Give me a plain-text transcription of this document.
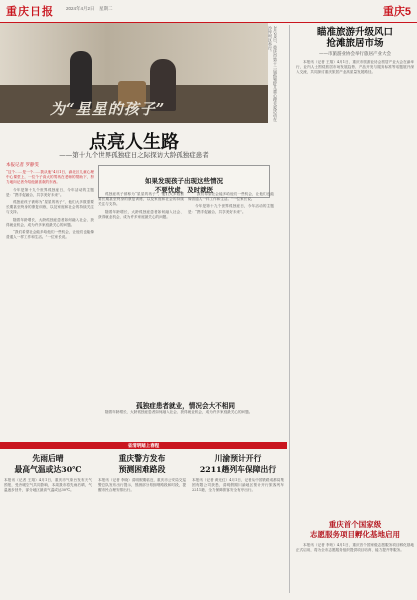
重庆日报	2024年4月2日　星期二	重庆5
3月29日，重庆市第十二届孤独症儿童心理关爱活动在沙坪坝区举行。
为“星星的孩子”
点亮人生路
——第十九个世界孤独症日之际探访大龄孤独症患者
本报记者 罗静雯

“这个……是一个……我从他”4月1日，渝北区儿童心理中心课堂上，一位个子高大的男孩在老师的帮助下，努力地向记者介绍他最喜欢的东西。

今年是第十九个世界孤独症日，今年活动的主题是：“携手促融合，共享美好未来”。

孤独症孩子被称为“星星的孩子”，他们大多数需要长期甚至终身的康复训练，以及家庭和社会的持续关注与支持。

随着年龄增长，大龄孤独症患者如何融入社会、获得就业机会，成为许多家庭最关心的问题。

“我们希望社会能多给他们一些机会，让他们也能像普通人一样工作和生活。”一位家长说。

如果发现孩子出现这些情况
不要忧虑，及时就医

孤独症孩子被称为“星星的孩子”，他们大多数需要长期甚至终身的康复训练，以及家庭和社会的持续关注与支持。

随着年龄增长，大龄孤独症患者如何融入社会、获得就业机会，成为许多家庭最关心的问题。

“我们希望社会能多给他们一些机会，让他们也能像普通人一样工作和生活。”一位家长说。

今年是第十九个世界孤独症日，今年活动的主题是：“携手促融合，共享美好未来”。

孤独症患者就业，情况会大不相同

随着年龄增长，大龄孤独症患者如何融入社会、获得就业机会，成为许多家庭最关心的问题。

瞄准旅游升级风口
抢滩旅居市场
——市旅游业协会举行旅居产业大会

本报讯（记者 王翔）4月1日，重庆市旅游业协会旅居产业大会在渝举行，业内人士围绕旅居市场发展趋势、产品开发与服务标准等话题展开深入交流，共同探讨重庆旅居产业高质量发展路径。

重庆首个国家级
志愿服务项目孵化基地启用

本报讯（记者 李珩）4月1日，重庆首个国家级志愿服务项目孵化基地正式启用，将为全市志愿服务组织提供项目培育、能力提升等服务。

省清明踏上春程
先雨后晴
最高气温或达30℃
本报讯（记者 王翔）4月1日，重庆市气象台发布天气预报，受冷暖空气共同影响，本周我市将先雨后晴，气温逐步回升，部分地区最高气温或达30℃。
重庆警方发布
预测困难路段
本报讯（记者 李晓）清明假期临近，重庆市公安局交巡警总队发布出行提示，预测部分易拥堵路段和时段，提醒市民合理安排出行。
川渝预计开行
2211趟列车保障出行
本报讯（记者 黄光红）4月1日，记者从中国铁路成都局集团有限公司获悉，清明假期川渝地区预计开行旅客列车2211趟，全力保障旅客安全有序出行。
